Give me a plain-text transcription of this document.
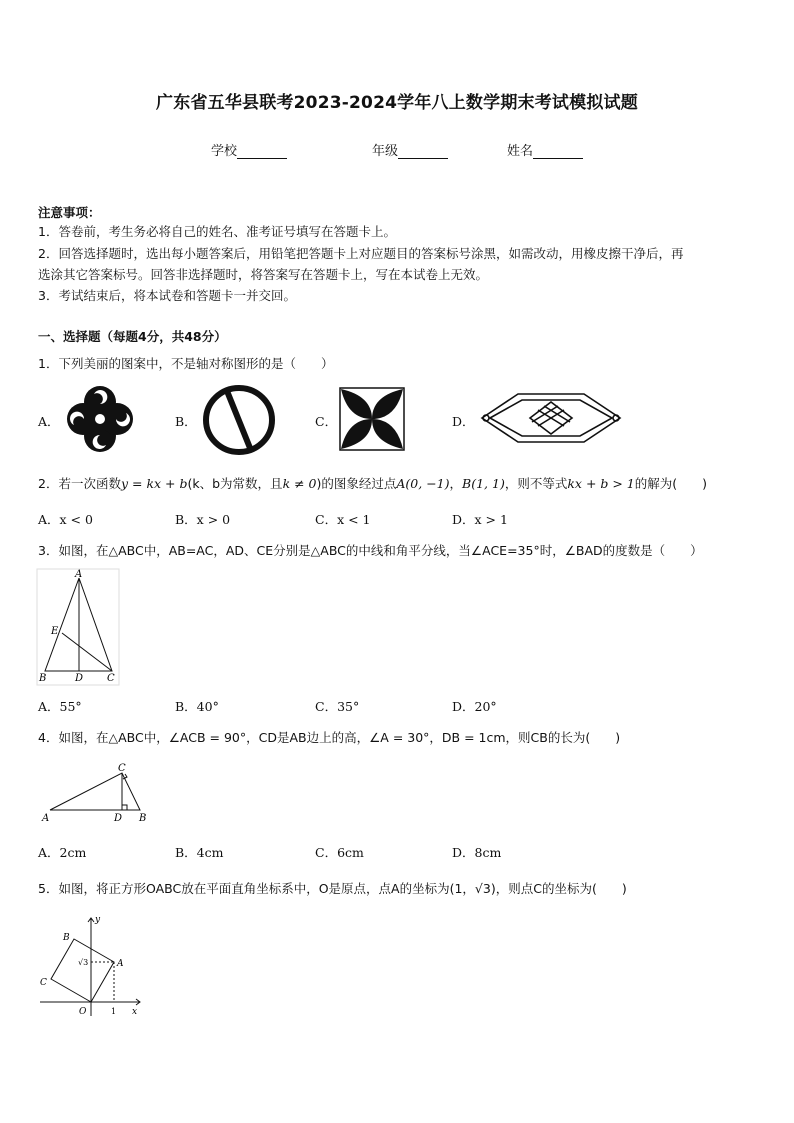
广东省五华县联考2023-2024学年八上数学期末考试模拟试题
学校	年级	姓名
注意事项：
1．答卷前，考生务必将自己的姓名、准考证号填写在答题卡上。
2．回答选择题时，选出每小题答案后，用铅笔把答题卡上对应题目的答案标号涂黑，如需改动，用橡皮擦干净后，再
选涂其它答案标号。回答非选择题时，将答案写在答题卡上，写在本试卷上无效。
3．考试结束后，将本试卷和答题卡一并交回。
一、选择题（每题4分，共48分）
1．下列美丽的图案中，不是轴对称图形的是（　　）
A．	B．	C．	D．
2．若一次函数y = kx + b(k、b为常数，且k ≠ 0)的图象经过点A(0, −1)，B(1, 1)，则不等式kx + b > 1的解为(　　)
A．x < 0	B．x > 0	C．x < 1	D．x > 1
3．如图，在△ABC中，AB=AC，AD、CE分别是△ABC的中线和角平分线，当∠ACE=35°时，∠BAD的度数是（　　）
A
B	D C
E
A．55°	B．40°	C．35°	D．20°
4．如图，在△ABC中，∠ACB = 90°，CD是AB边上的高，∠A = 30°，DB = 1cm，则CB的长为(　　)
A
C
D B
A．2cm	B．4cm	C．6cm	D．8cm
5．如图，将正方形OABC放在平面直角坐标系中，O是原点，点A的坐标为(1，√3)，则点C的坐标为(　　)
y
x
O
A
B
C
1
√3
